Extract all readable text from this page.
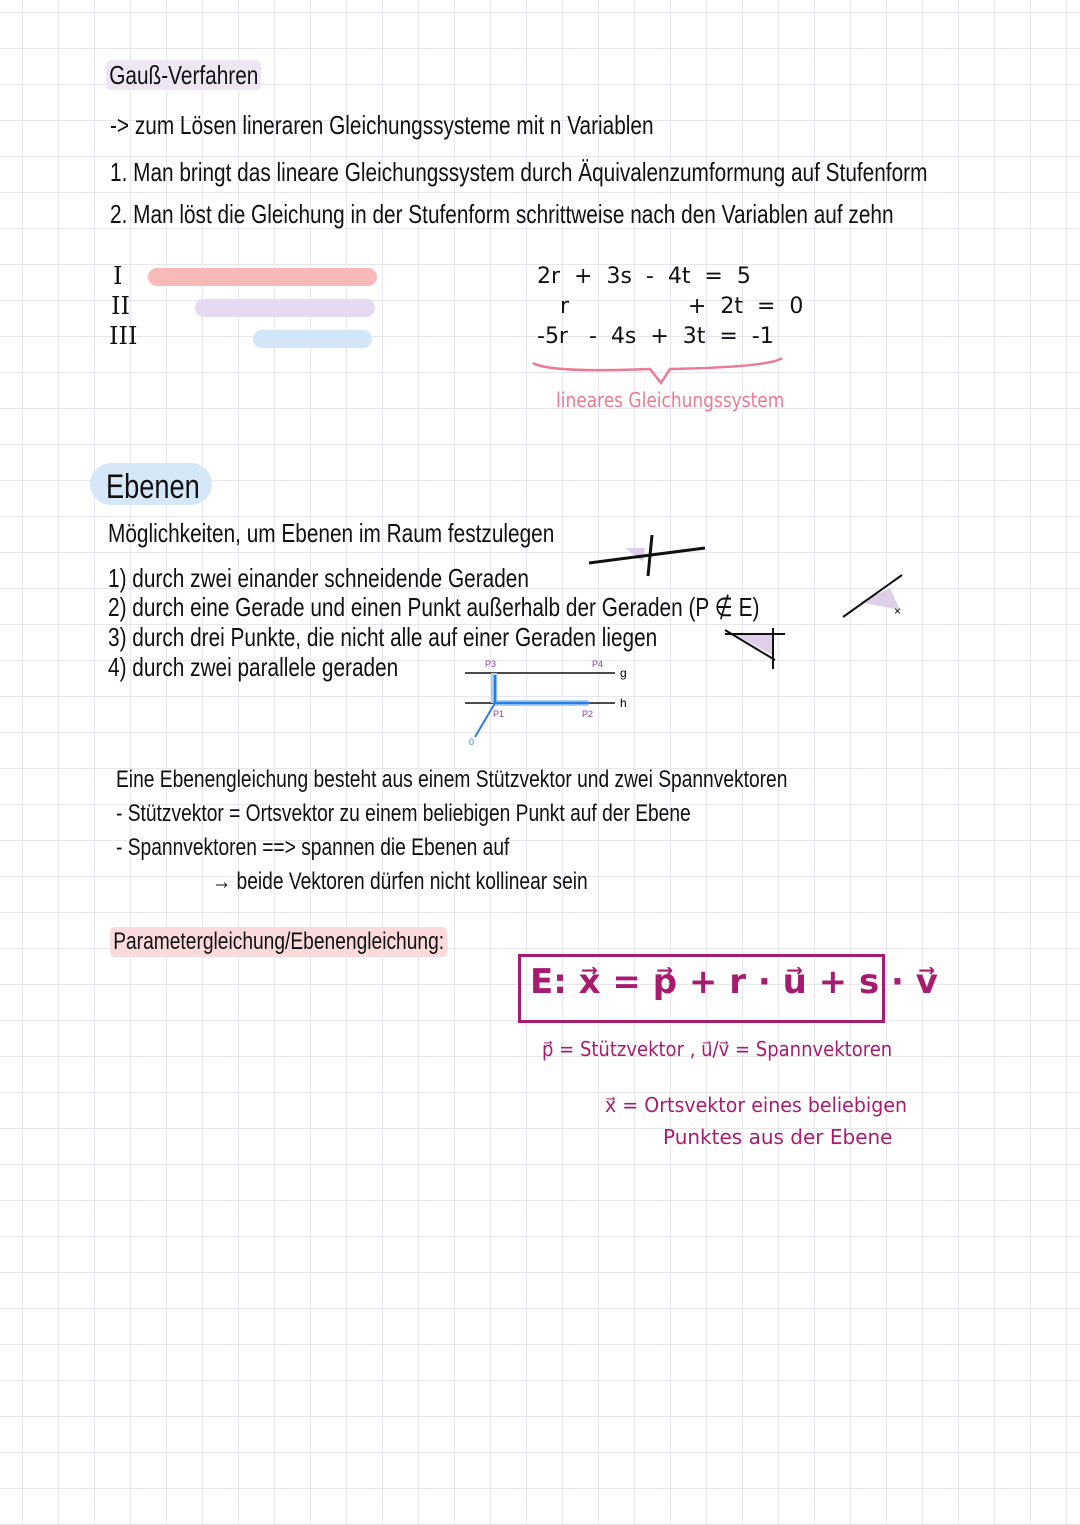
Gauß-Verfahren
-> zum Lösen lineraren Gleichungssysteme mit n Variablen
1. Man bringt das lineare Gleichungssystem durch Äquivalenzumformung auf Stufenform
2. Man löst die Gleichung in der Stufenform schrittweise nach den Variablen auf zehn
I
II
III
2r  +  3s  -  4t  =  5
r                 +  2t  =  0
-5r   -  4s  +  3t  =  -1
lineares Gleichungssystem
Ebenen
Möglichkeiten, um Ebenen im Raum festzulegen
1) durch zwei einander schneidende Geraden
2) durch eine Gerade und einen Punkt außerhalb der Geraden (P ∉ E)
3) durch drei Punkte, die nicht alle auf einer Geraden liegen
4) durch zwei parallele geraden
×
g
h
P3	P4
P1	P2
0
Eine Ebenengleichung besteht aus einem Stützvektor und zwei Spannvektoren
- Stützvektor = Ortsvektor zu einem beliebigen Punkt auf der Ebene
- Spannvektoren ==> spannen die Ebenen auf
→ beide Vektoren dürfen nicht kollinear sein
Parametergleichung/Ebenengleichung:
E: x⃗ = p⃗ + r · u⃗ + s · v⃗
p⃗ = Stützvektor , u⃗/v⃗ = Spannvektoren
x⃗ = Ortsvektor eines beliebigen
Punktes aus der Ebene
